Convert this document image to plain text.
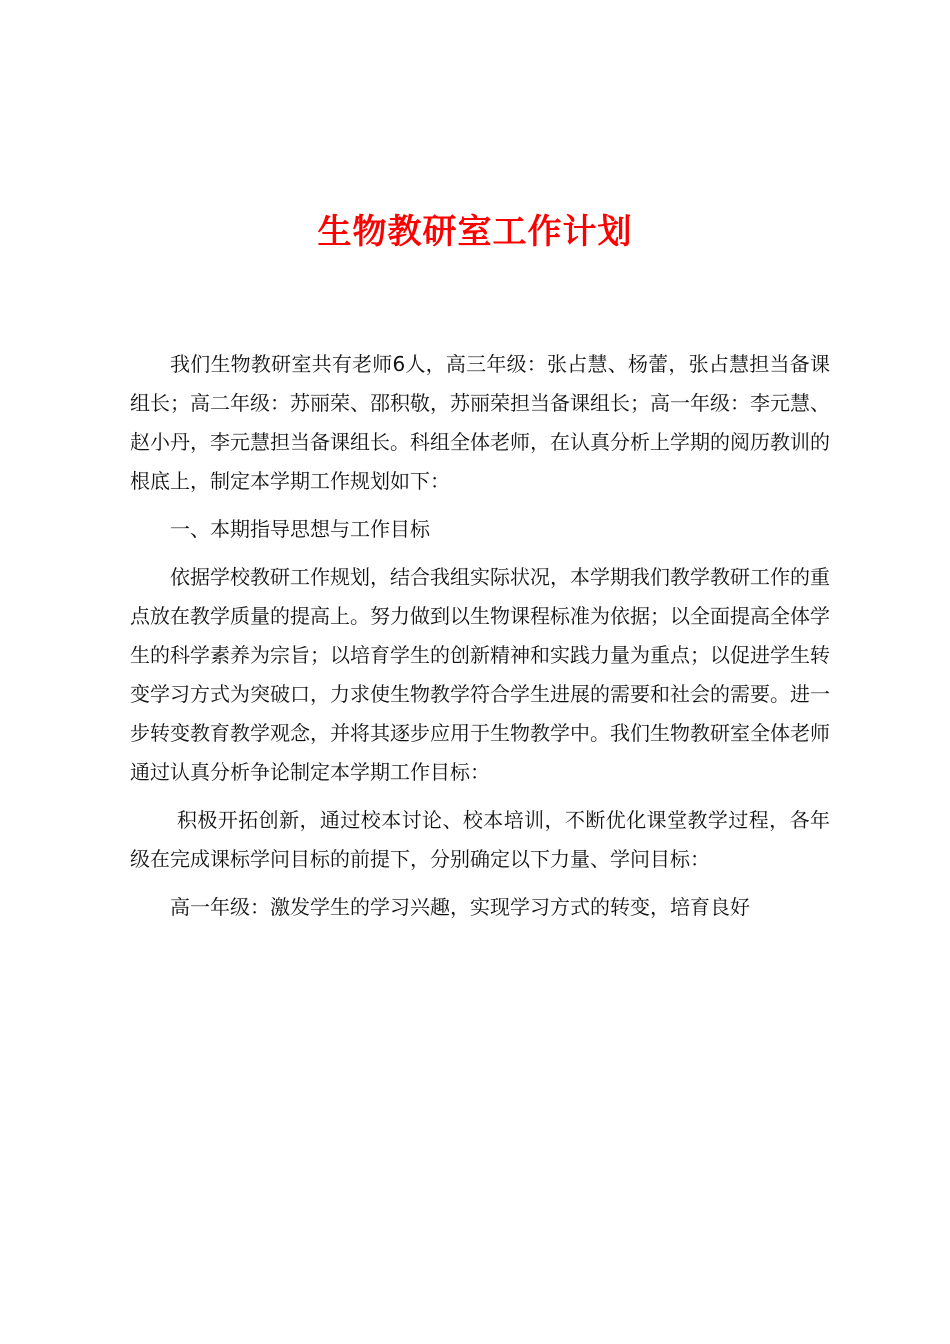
生物教研室工作计划

我们生物教研室共有老师6人，高三年级：张占慧、杨蕾，张占慧担当备课组长；高二年级：苏丽荣、邵积敬，苏丽荣担当备课组长；高一年级：李元慧、赵小丹，李元慧担当备课组长。科组全体老师，在认真分析上学期的阅历教训的根底上，制定本学期工作规划如下：

一、本期指导思想与工作目标

依据学校教研工作规划，结合我组实际状况，本学期我们教学教研工作的重点放在教学质量的提高上。努力做到以生物课程标准为依据；以全面提高全体学生的科学素养为宗旨；以培育学生的创新精神和实践力量为重点；以促进学生转变学习方式为突破口，力求使生物教学符合学生进展的需要和社会的需要。进一步转变教育教学观念，并将其逐步应用于生物教学中。我们生物教研室全体老师通过认真分析争论制定本学期工作目标：

积极开拓创新，通过校本讨论、校本培训，不断优化课堂教学过程，各年级在完成课标学问目标的前提下，分别确定以下力量、学问目标：

高一年级：激发学生的学习兴趣，实现学习方式的转变，培育良好
